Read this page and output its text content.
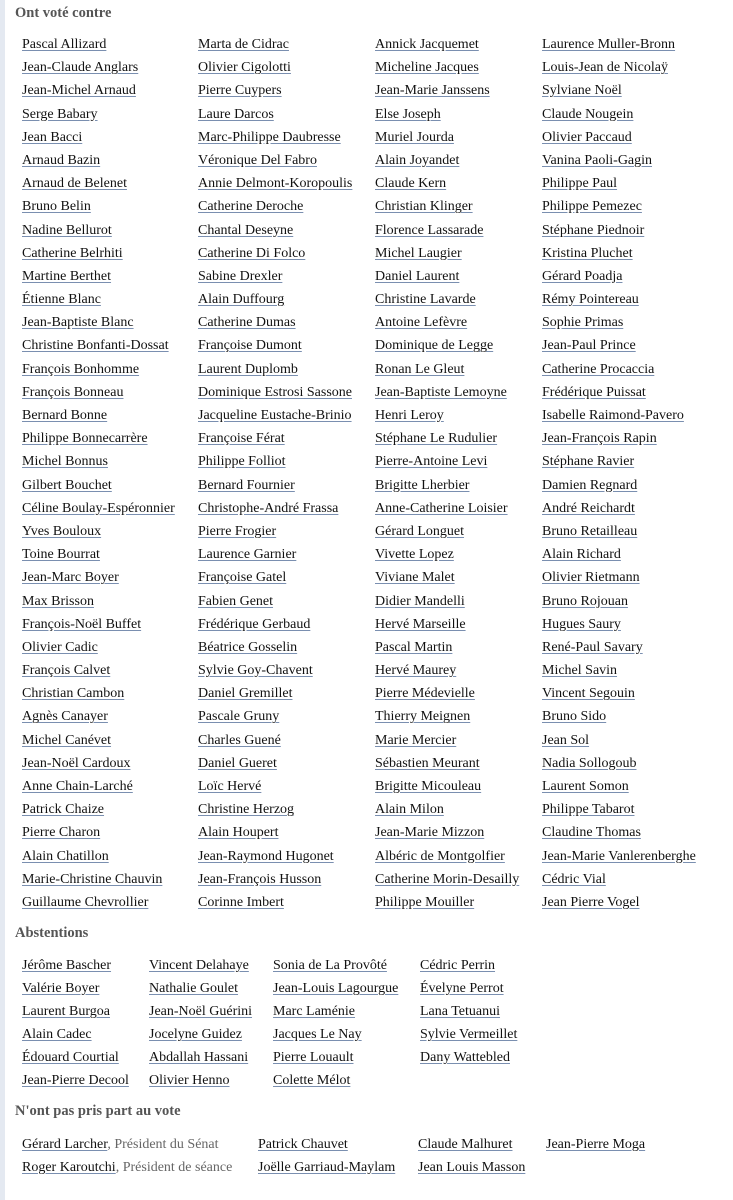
Ont voté contre
Pascal Allizard
Jean-Claude Anglars
Jean-Michel Arnaud
Serge Babary
Jean Bacci
Arnaud Bazin
Arnaud de Belenet
Bruno Belin
Nadine Bellurot
Catherine Belrhiti
Martine Berthet
Étienne Blanc
Jean-Baptiste Blanc
Christine Bonfanti-Dossat
François Bonhomme
François Bonneau
Bernard Bonne
Philippe Bonnecarrère
Michel Bonnus
Gilbert Bouchet
Céline Boulay-Espéronnier
Yves Bouloux
Toine Bourrat
Jean-Marc Boyer
Max Brisson
François-Noël Buffet
Olivier Cadic
François Calvet
Christian Cambon
Agnès Canayer
Michel Canévet
Jean-Noël Cardoux
Anne Chain-Larché
Patrick Chaize
Pierre Charon
Alain Chatillon
Marie-Christine Chauvin
Guillaume Chevrollier
Marta de Cidrac
Olivier Cigolotti
Pierre Cuypers
Laure Darcos
Marc-Philippe Daubresse
Véronique Del Fabro
Annie Delmont-Koropoulis
Catherine Deroche
Chantal Deseyne
Catherine Di Folco
Sabine Drexler
Alain Duffourg
Catherine Dumas
Françoise Dumont
Laurent Duplomb
Dominique Estrosi Sassone
Jacqueline Eustache-Brinio
Françoise Férat
Philippe Folliot
Bernard Fournier
Christophe-André Frassa
Pierre Frogier
Laurence Garnier
Françoise Gatel
Fabien Genet
Frédérique Gerbaud
Béatrice Gosselin
Sylvie Goy-Chavent
Daniel Gremillet
Pascale Gruny
Charles Guené
Daniel Gueret
Loïc Hervé
Christine Herzog
Alain Houpert
Jean-Raymond Hugonet
Jean-François Husson
Corinne Imbert
Annick Jacquemet
Micheline Jacques
Jean-Marie Janssens
Else Joseph
Muriel Jourda
Alain Joyandet
Claude Kern
Christian Klinger
Florence Lassarade
Michel Laugier
Daniel Laurent
Christine Lavarde
Antoine Lefèvre
Dominique de Legge
Ronan Le Gleut
Jean-Baptiste Lemoyne
Henri Leroy
Stéphane Le Rudulier
Pierre-Antoine Levi
Brigitte Lherbier
Anne-Catherine Loisier
Gérard Longuet
Vivette Lopez
Viviane Malet
Didier Mandelli
Hervé Marseille
Pascal Martin
Hervé Maurey
Pierre Médevielle
Thierry Meignen
Marie Mercier
Sébastien Meurant
Brigitte Micouleau
Alain Milon
Jean-Marie Mizzon
Albéric de Montgolfier
Catherine Morin-Desailly
Philippe Mouiller
Laurence Muller-Bronn
Louis-Jean de Nicolaÿ
Sylviane Noël
Claude Nougein
Olivier Paccaud
Vanina Paoli-Gagin
Philippe Paul
Philippe Pemezec
Stéphane Piednoir
Kristina Pluchet
Gérard Poadja
Rémy Pointereau
Sophie Primas
Jean-Paul Prince
Catherine Procaccia
Frédérique Puissat
Isabelle Raimond-Pavero
Jean-François Rapin
Stéphane Ravier
Damien Regnard
André Reichardt
Bruno Retailleau
Alain Richard
Olivier Rietmann
Bruno Rojouan
Hugues Saury
René-Paul Savary
Michel Savin
Vincent Segouin
Bruno Sido
Jean Sol
Nadia Sollogoub
Laurent Somon
Philippe Tabarot
Claudine Thomas
Jean-Marie Vanlerenberghe
Cédric Vial
Jean Pierre Vogel
Abstentions
Jérôme Bascher
Valérie Boyer
Laurent Burgoa
Alain Cadec
Édouard Courtial
Jean-Pierre Decool
Vincent Delahaye
Nathalie Goulet
Jean-Noël Guérini
Jocelyne Guidez
Abdallah Hassani
Olivier Henno
Sonia de La Provôté
Jean-Louis Lagourgue
Marc Laménie
Jacques Le Nay
Pierre Louault
Colette Mélot
Cédric Perrin
Évelyne Perrot
Lana Tetuanui
Sylvie Vermeillet
Dany Wattebled
N'ont pas pris part au vote
Gérard Larcher, Président du Sénat
Roger Karoutchi, Président de séance
Patrick Chauvet
Joëlle Garriaud-Maylam
Claude Malhuret
Jean Louis Masson
Jean-Pierre Moga
